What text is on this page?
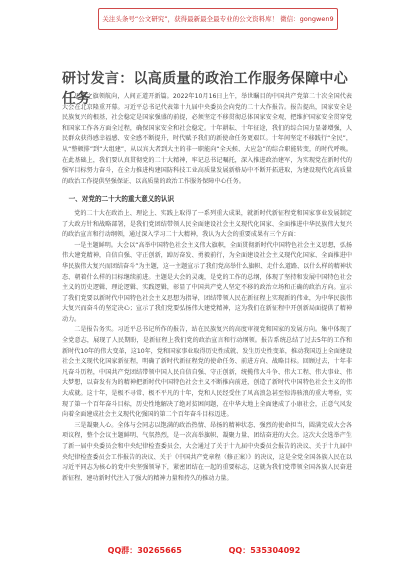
关注头条号“公文研究”，获得最新最全最专业的公文资料库！ 微信：gongwen9
研讨发言：以高质量的政治工作服务保障中心任务

思想之旗领航向，人间正道开新篇。2022年10月16日上午，举世瞩目的中国共产党第二十次全国代表大会在北京隆重开幕。习近平总书记代表第十九届中央委员会向党的二十大作报告。报告提出，国家安全是民族复兴的根基，社会稳定是国家强盛的前提，必须坚定不移贯彻总体国家安全观，把维护国家安全贯穿党和国家工作各方面全过程，确保国家安全和社会稳定。十年耕耘、十年征途，我们的综合国力显著增强，人民群众获得感幸福感、安全感不断提升，时代赋予我们的新使命任务更艰巨。十年间坚定不移践行“全民”，从“整顿排”到“大组建”，从以宾大者到大主的非一职能向“全天候、大应急”的综合职能转变，的时代呼唤。在此基础上，我们要认真贯彻党的二十大精神，牢记总书记嘱托，深入推进政治建军，为实现党在新时代的强军目标努力奋斗，在全力推进构建国防科技工业高质量发展新格局中不断开拓进取，为建设现代化高质量的政治工作提供坚强保证、以高质量的政治工作服务保障中心任务。

一、对党的二十大的重大意义的认识

党的二十大在政治上、理论上、实践上取得了一系列重大成果，就新时代新征程党和国家事业发展制定了大政方针和战略部署，是我们党团结带领人民全面建设社会主义现代化国家、全面推进中华民族伟大复兴的政治宣言和行动纲领，通过深入学习二十大精神，我认为大会的重要成果有三个方面：

一是主题鲜明。大会以“高举中国特色社会主义伟大旗帜，全面贯彻新时代中国特色社会主义思想，弘扬伟大建党精神，自信自强、守正创新，踔厉奋发、勇毅前行，为全面建设社会主义现代化国家、全面推进中华民族伟大复兴而团结奋斗”为主题，这一主题宣示了我们党高举什么旗帜、走什么道路、以什么样的精神状态、朝着什么样的目标继续前进。主题是大会的灵魂，是党的工作的总纲，体现了坚持和发展中国特色社会主义的历史逻辑、理论逻辑、实践逻辑，彰显了中国共产党人坚定不移的政治立场和正确的政治方向。宣示了我们党要以新时代中国特色社会主义思想为指导，团结带领人民在新征程上实现新的伟业，为中华民族伟大复兴而奋斗的坚定决心；宣示了我们党要弘扬伟大建党精神，这为我们在新征程中开创新局面提供了精神动力。

二是报告务实。习近平总书记所作的报告，站在民族复兴的高度审视党和国家的发展方向。集中体现了全党意志，展现了人民期盼，是新征程上我们党的政治宣言和行动纲领。报告系统总结了过去5年的工作和新时代10年的伟大变革，这10年，党和国家事业取得历史性成就、发生历史性变革，推动我国迈上全面建设社会主义现代化国家新征程，明确了新时代新征程党的使命任务、前进方向、战略目标。回顾过去，十年非凡奋斗历程，中国共产党团结带领中国人民自信自强、守正创新，统揽伟大斗争、伟大工程、伟大事业、伟大梦想，以奋发有为的精神把新时代中国特色社会主义不断推向前进，创造了新时代中国特色社会主义的伟大成就。这十年，是极不寻常、极不平凡的十年，党和人民经受住了风高浪急甚至惊涛骇浪的重大考验，实现了第一个百年奋斗目标，历史性地解决了绝对贫困问题，在中华大地上全面建成了小康社会，正意气风发向着全面建成社会主义现代化强国的第二个百年奋斗目标迈进。

三是凝聚人心。全体与会同志以饱满的政治热情、昂扬的精神状态、强烈的使命担当，圆满完成大会各项议程，整个会议主题鲜明、气氛热烈，是一次高举旗帜、凝聚力量、团结奋进的大会。这次大会选举产生了新一届中央委员会和中央纪律检查委员会，大会通过了关于十九届中央委员会报告的决议、关于十九届中央纪律检查委员会工作报告的决议、关于《中国共产党章程（修正案）》的决议，这是全党全国各族人民在以习近平同志为核心的党中央坚强领导下，紧密团结在一起的重要标志，这就为我们党带领全国各族人民奋进新征程、建功新时代注入了强大的精神力量和持久的推动力量。

QQ群：30265665	QQ：535304092
